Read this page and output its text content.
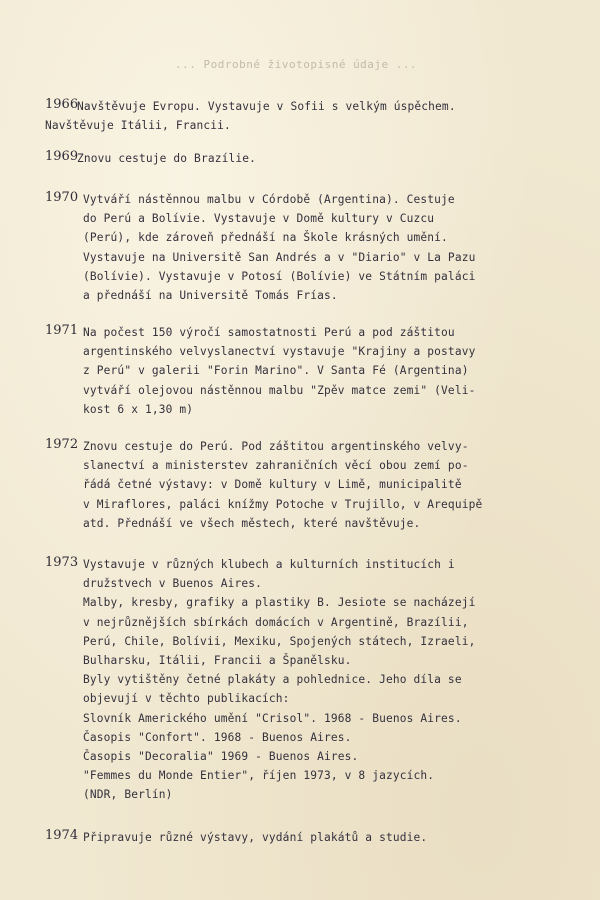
... Podrobné životopisné údaje ...
1966
Navštěvuje Evropu. Vystavuje v Sofii s velkým úspěchem.
Navštěvuje Itálii, Francii.
1969
Znovu cestuje do Brazílie.
1970 Vytváří nástěnnou malbu v Córdobě (Argentina). Cestuje
do Perú a Bolívie. Vystavuje v Domě kultury v Cuzcu
(Perú), kde zároveň přednáší na Škole krásných umění.
Vystavuje na Universitě San Andrés a v "Diario" v La Pazu
(Bolívie). Vystavuje v Potosí (Bolívie) ve Státním paláci
a přednáší na Universitě Tomás Frías.
1971 Na počest 150 výročí samostatnosti Perú a pod záštitou
argentinského velvyslanectví vystavuje "Krajiny a postavy
z Perú" v galerii "Forin Marino". V Santa Fé (Argentina)
vytváří olejovou nástěnnou malbu "Zpěv matce zemi" (Veli-
kost 6 x 1,30 m)
1972 Znovu cestuje do Perú. Pod záštitou argentinského velvy-
slanectví a ministerstev zahraničních věcí obou zemí po-
řádá četné výstavy: v Domě kultury v Limě, municipalitě
v Miraflores, paláci knížmy Potoche v Trujillo, v Arequipě
atd. Přednáší ve všech městech, které navštěvuje.
1973 Vystavuje v různých klubech a kulturních institucích i
družstvech v Buenos Aires.
Malby, kresby, grafiky a plastiky B. Jesiote se nacházejí
v nejrůznějších sbírkách domácích v Argentině, Brazílii,
Perú, Chile, Bolívii, Mexiku, Spojených státech, Izraeli,
Bulharsku, Itálii, Francii a Španělsku.
Byly vytištěny četné plakáty a pohlednice. Jeho díla se
objevují v těchto publikacích:
Slovník Amerického umění "Crisol". 1968 - Buenos Aires.
Časopis "Confort". 1968 - Buenos Aires.
Časopis "Decoralia" 1969 - Buenos Aires.
"Femmes du Monde Entier", říjen 1973, v 8 jazycích.
(NDR, Berlín)
1974 Připravuje různé výstavy, vydání plakátů a studie.
